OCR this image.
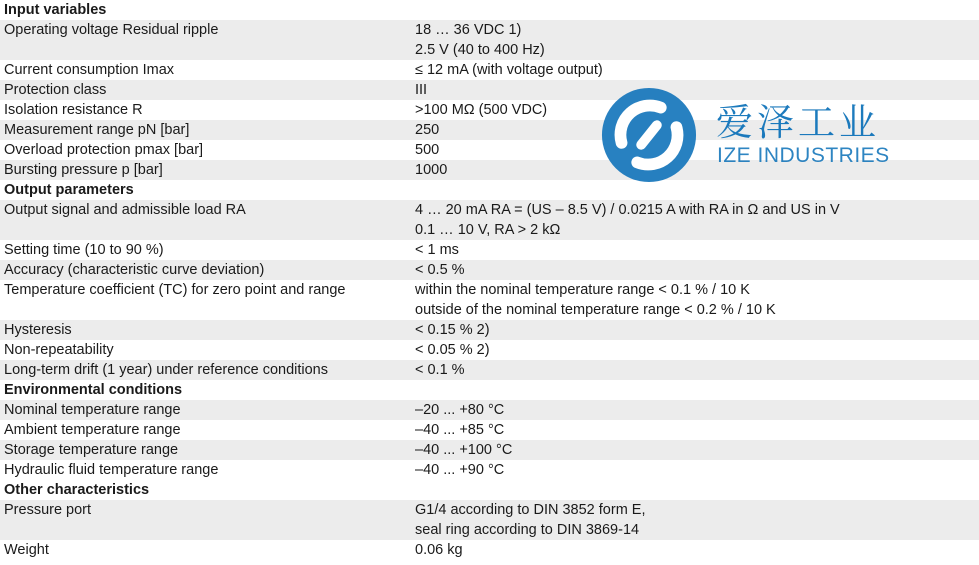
Input variables
Operating voltage Residual ripple	18 … 36 VDC 1)
2.5 V (40 to 400 Hz)
Current consumption Imax	≤ 12 mA (with voltage output)
Protection class	III
Isolation resistance R	>100 MΩ (500 VDC)
Measurement range pN [bar]	250
Overload protection pmax [bar]	500
Bursting pressure p [bar]	1000
Output parameters
Output signal and admissible load RA	4 … 20 mA RA = (US – 8.5 V) / 0.0215 A with RA in Ω and US in V
0.1 … 10 V, RA > 2 kΩ
Setting time (10 to 90 %)	< 1 ms
Accuracy (characteristic curve deviation)	< 0.5 %
Temperature coefficient (TC) for zero point and range	within the nominal temperature range < 0.1 % / 10 K
outside of the nominal temperature range < 0.2 % / 10 K
Hysteresis	< 0.15 % 2)
Non-repeatability	< 0.05 % 2)
Long-term drift (1 year) under reference conditions	< 0.1 %
Environmental conditions
Nominal temperature range	–20 ... +80 °C
Ambient temperature range	–40 ... +85 °C
Storage temperature range	–40 ... +100 °C
Hydraulic fluid temperature range	–40 ... +90 °C
Other characteristics
Pressure port	G1/4 according to DIN 3852 form E,
seal ring according to DIN 3869-14
Weight	0.06 kg
爱泽工业
IZE INDUSTRIES
